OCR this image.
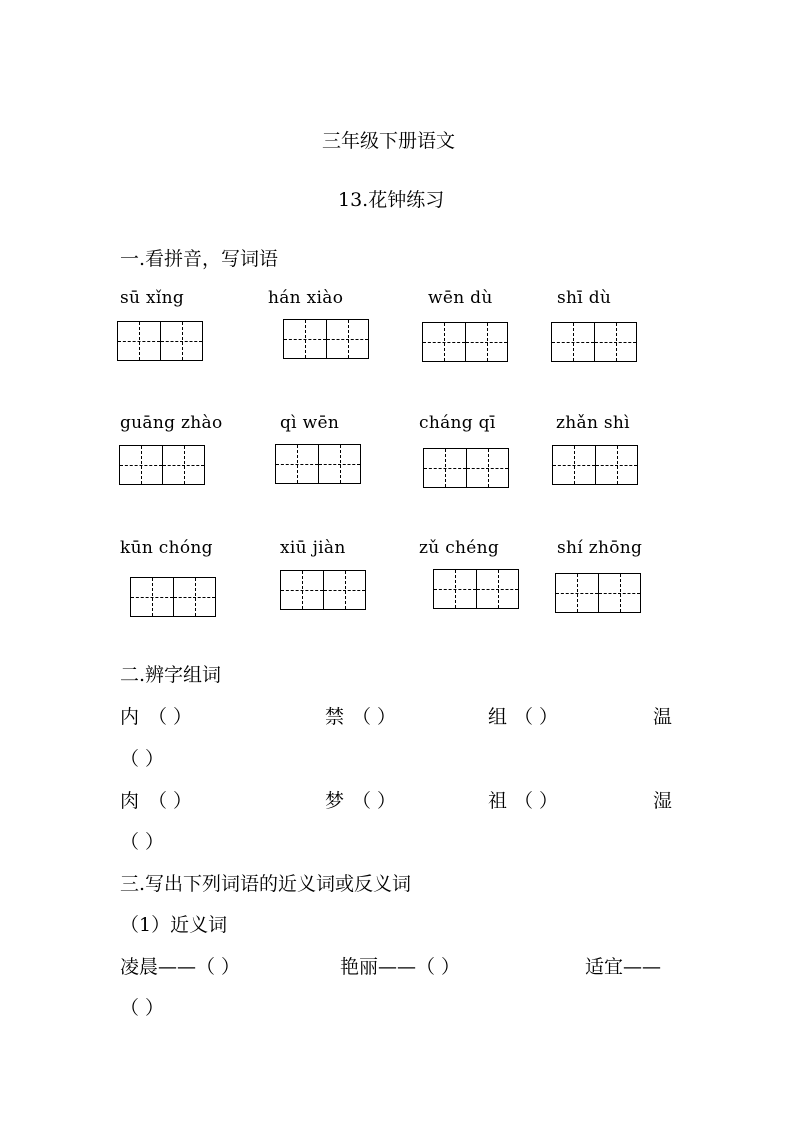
三年级下册语文
13.花钟练习
一.看拼音，写词语
sū xǐng	hán xiào	wēn dù	shī dù
guāng zhào	qì wēn	cháng qī	zhǎn shì
kūn chóng	xiū jiàn	zǔ chéng	shí zhōng
二.辨字组词
内 （ ）	禁 （ ）	组 （ ）	温
（ ）
肉 （ ）	梦 （ ）	祖 （ ）	湿
（ ）
三.写出下列词语的近义词或反义词
（1）近义词
凌晨——（ ）	艳丽——（ ）	适宜——
（ ）
